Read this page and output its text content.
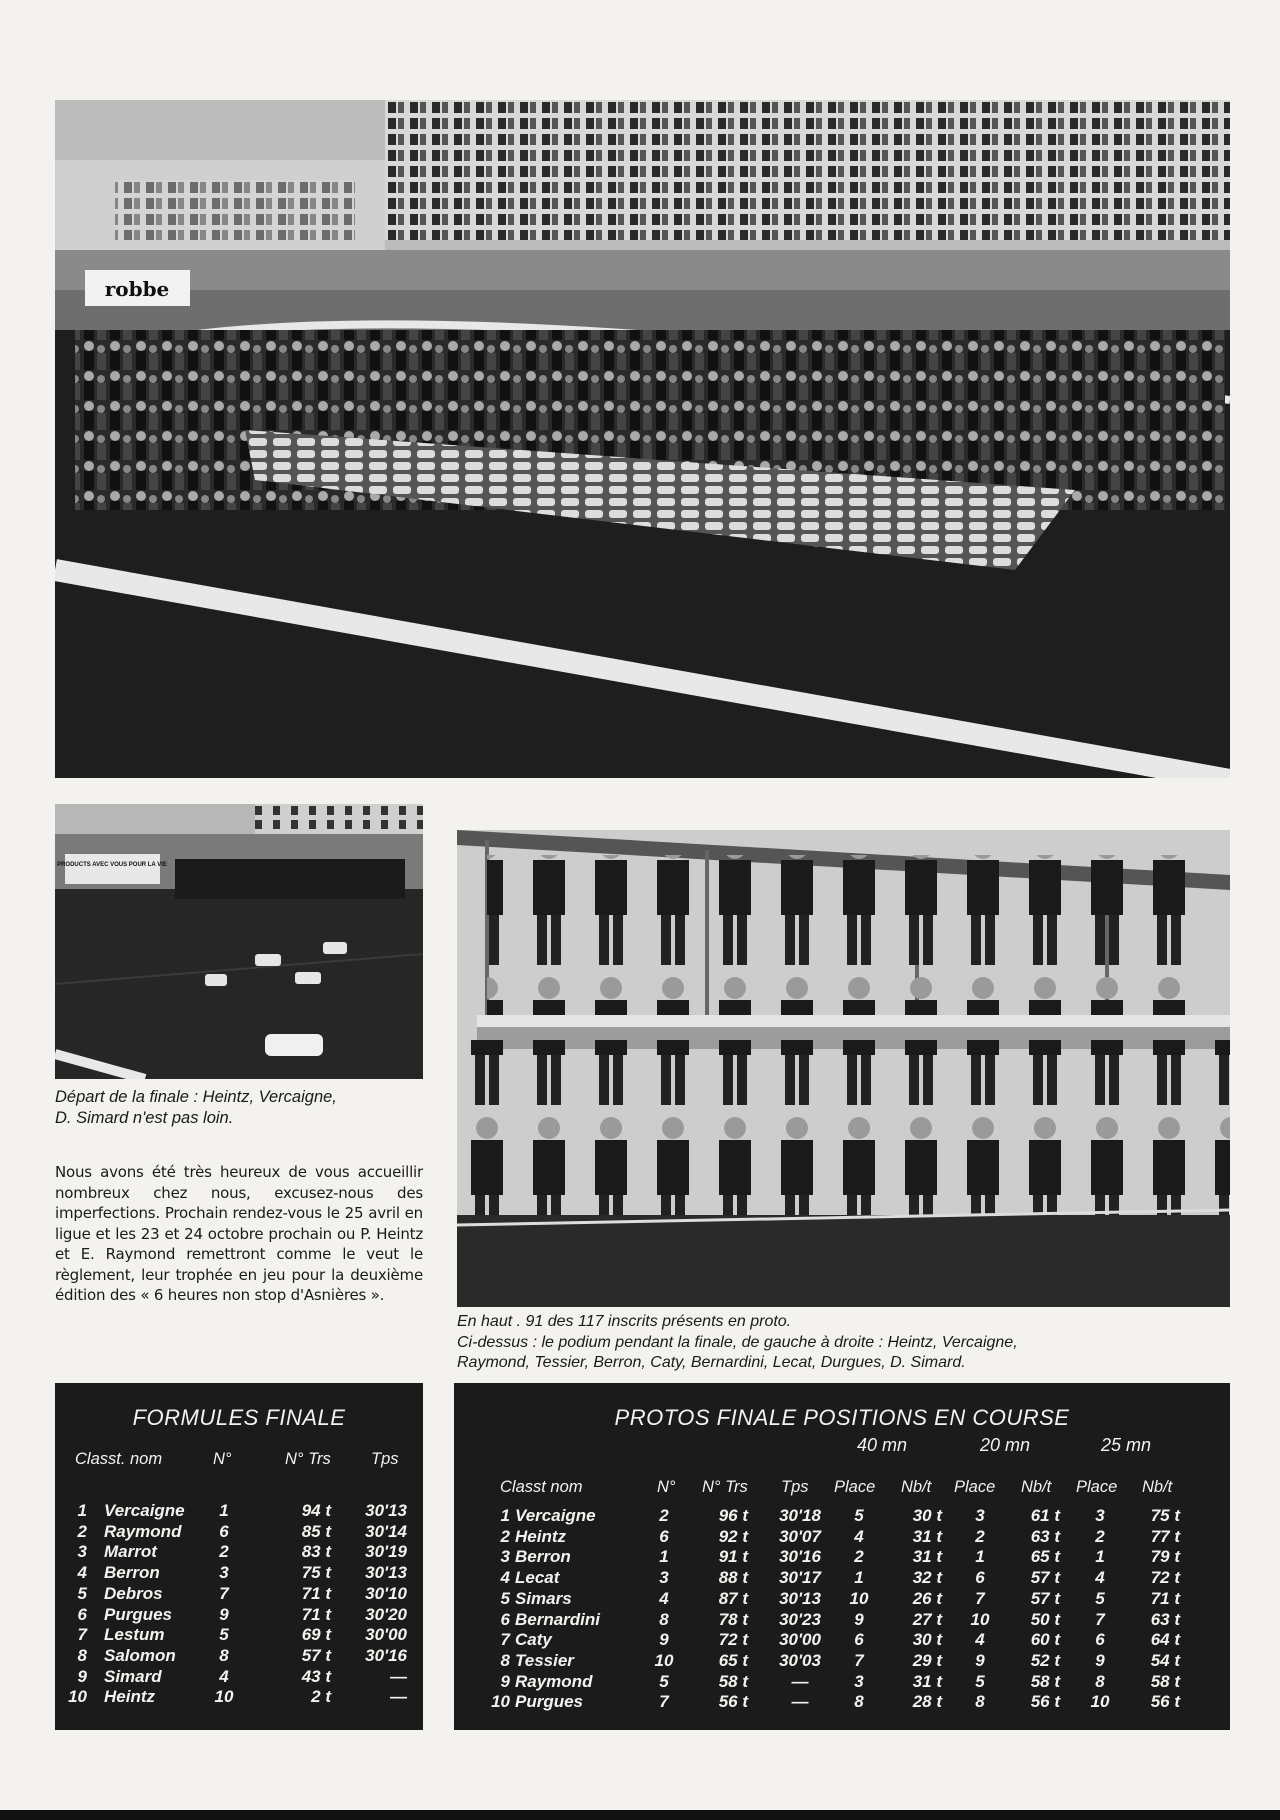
robbe
PRODUCTS AVEC VOUS POUR LA VIE
Départ de la finale : Heintz, Vercaigne,
D. Simard n'est pas loin.
Nous avons été très heureux de vous accueillir nombreux chez nous, excusez-nous des imperfections. Prochain rendez-vous le 25 avril en ligue et les 23 et 24 octobre prochain ou P. Heintz et E. Raymond remettront comme le veut le règlement, leur trophée en jeu pour la deuxième édition des « 6 heures non stop d'Asnières ».
En haut . 91 des 117 inscrits présents en proto.
Ci-dessus : le podium pendant la finale, de gauche à droite : Heintz, Vercaigne,
Raymond, Tessier, Berron, Caty, Bernardini, Lecat, Durgues, D. Simard.
FORMULES FINALE
Classt. nom	N°	N° Trs Tps
1 Vercaigne	1	94 t	30'13
2 Raymond	6	85 t	30'14
3 Marrot	2	83 t	30'19
4 Berron	3	75 t	30'13
5 Debros	7	71 t	30'10
6 Purgues	9	71 t	30'20
7 Lestum	5	69 t	30'00
8 Salomon	8	57 t	30'16
9 Simard	4	43 t	—
10 Heintz	10	2 t	—
PROTOS FINALE POSITIONS EN COURSE
40 mn	20 mn	25 mn
Classt nom	N° N° Trs Tps Place Nb/t Place Nb/t Place Nb/t
1 Vercaigne	2	96 t	30'18	5	30 t	3	61 t	3	75 t
2 Heintz	6	92 t	30'07	4	31 t	2	63 t	2	77 t
3 Berron	1	91 t	30'16	2	31 t	1	65 t	1	79 t
4 Lecat	3	88 t	30'17	1	32 t	6	57 t	4	72 t
5 Simars	4	87 t	30'13	10	26 t	7	57 t	5	71 t
6 Bernardini	8	78 t	30'23	9	27 t	10	50 t	7	63 t
7 Caty	9	72 t	30'00	6	30 t	4	60 t	6	64 t
8 Tessier	10	65 t	30'03	7	29 t	9	52 t	9	54 t
9 Raymond	5	58 t	—	3	31 t	5	58 t	8	58 t
10 Purgues	7	56 t	—	8	28 t	8	56 t	10	56 t
9
